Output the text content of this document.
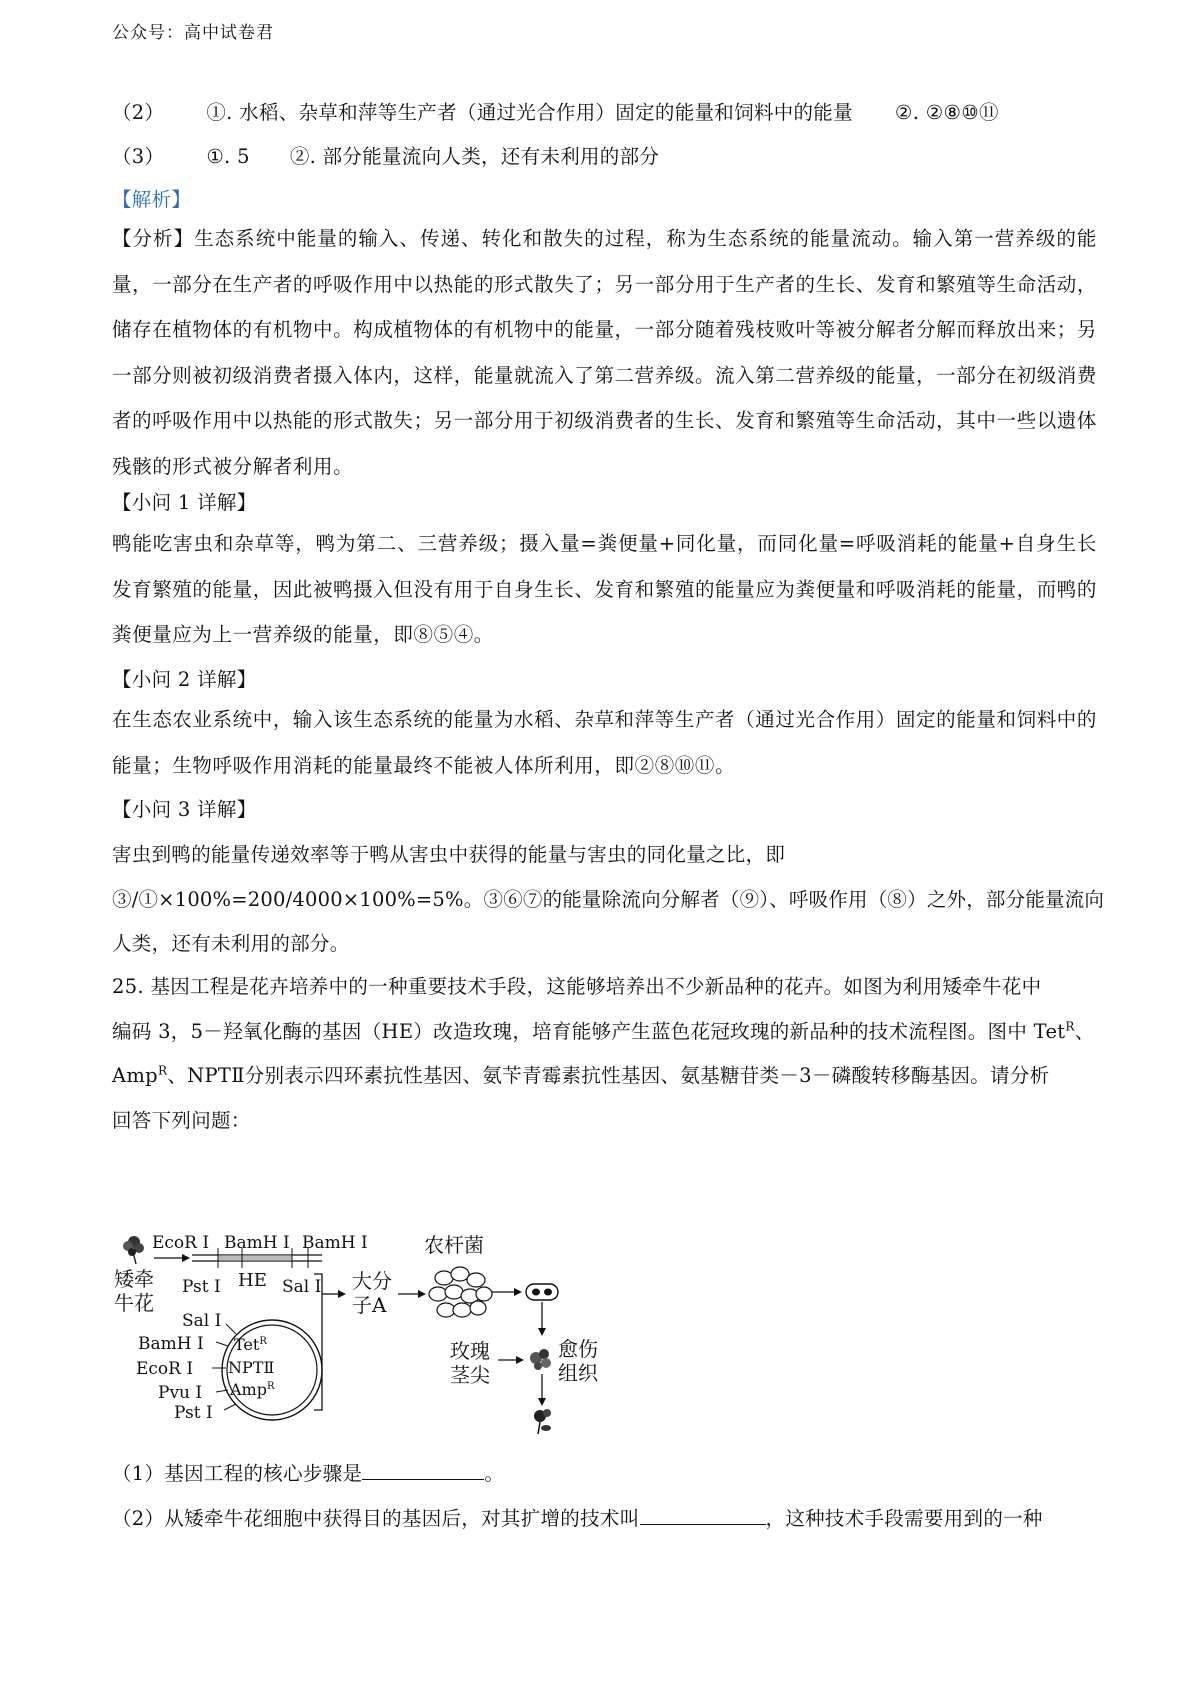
公众号：高中试卷君
（2） ①. 水稻、杂草和萍等生产者（通过光合作用）固定的能量和饲料中的能量 ②. ②⑧⑩⑪
（3） ①. 5 ②. 部分能量流向人类，还有未利用的部分
【解析】
【分析】生态系统中能量的输入、传递、转化和散失的过程，称为生态系统的能量流动。输入第一营养级的能量，一部分在生产者的呼吸作用中以热能的形式散失了；另一部分用于生产者的生长、发育和繁殖等生命活动，储存在植物体的有机物中。构成植物体的有机物中的能量，一部分随着残枝败叶等被分解者分解而释放出来；另一部分则被初级消费者摄入体内，这样，能量就流入了第二营养级。流入第二营养级的能量，一部分在初级消费者的呼吸作用中以热能的形式散失；另一部分用于初级消费者的生长、发育和繁殖等生命活动，其中一些以遗体残骸的形式被分解者利用。
【小问 1 详解】
鸭能吃害虫和杂草等，鸭为第二、三营养级；摄入量=粪便量+同化量，而同化量=呼吸消耗的能量+自身生长发育繁殖的能量，因此被鸭摄入但没有用于自身生长、发育和繁殖的能量应为粪便量和呼吸消耗的能量，而鸭的粪便量应为上一营养级的能量，即⑧⑤④。
【小问 2 详解】
在生态农业系统中，输入该生态系统的能量为水稻、杂草和萍等生产者（通过光合作用）固定的能量和饲料中的能量；生物呼吸作用消耗的能量最终不能被人体所利用，即②⑧⑩⑪。
【小问 3 详解】
害虫到鸭的能量传递效率等于鸭从害虫中获得的能量与害虫的同化量之比，即
③/①×100%=200/4000×100%=5%。③⑥⑦的能量除流向分解者（⑨）、呼吸作用（⑧）之外，部分能量流向
人类，还有未利用的部分。
25. 基因工程是花卉培养中的一种重要技术手段，这能够培养出不少新品种的花卉。如图为利用矮牵牛花中
编码 3，5－羟氧化酶的基因（HE）改造玫瑰，培育能够产生蓝色花冠玫瑰的新品种的技术流程图。图中 Tet$^R$、
Amp$^R$、NPTⅡ分别表示四环素抗性基因、氨苄青霉素抗性基因、氨基糖苷类－3－磷酸转移酶基因。请分析
回答下列问题：
矮牵
牛花
EcoR Ⅰ BamH Ⅰ BamH Ⅰ
Pst Ⅰ HE Sal Ⅰ
Sal Ⅰ
BamH Ⅰ
EcoR Ⅰ
Pvu Ⅰ
Pst Ⅰ
Tet$^R$
NPTⅡ
Amp$^R$
大分
子A
农杆菌
玫瑰
茎尖
愈伤
组织
（1）基因工程的核心步骤是	。
（2）从矮牵牛花细胞中获得目的基因后，对其扩增的技术叫	，这种技术手段需要用到的一种
